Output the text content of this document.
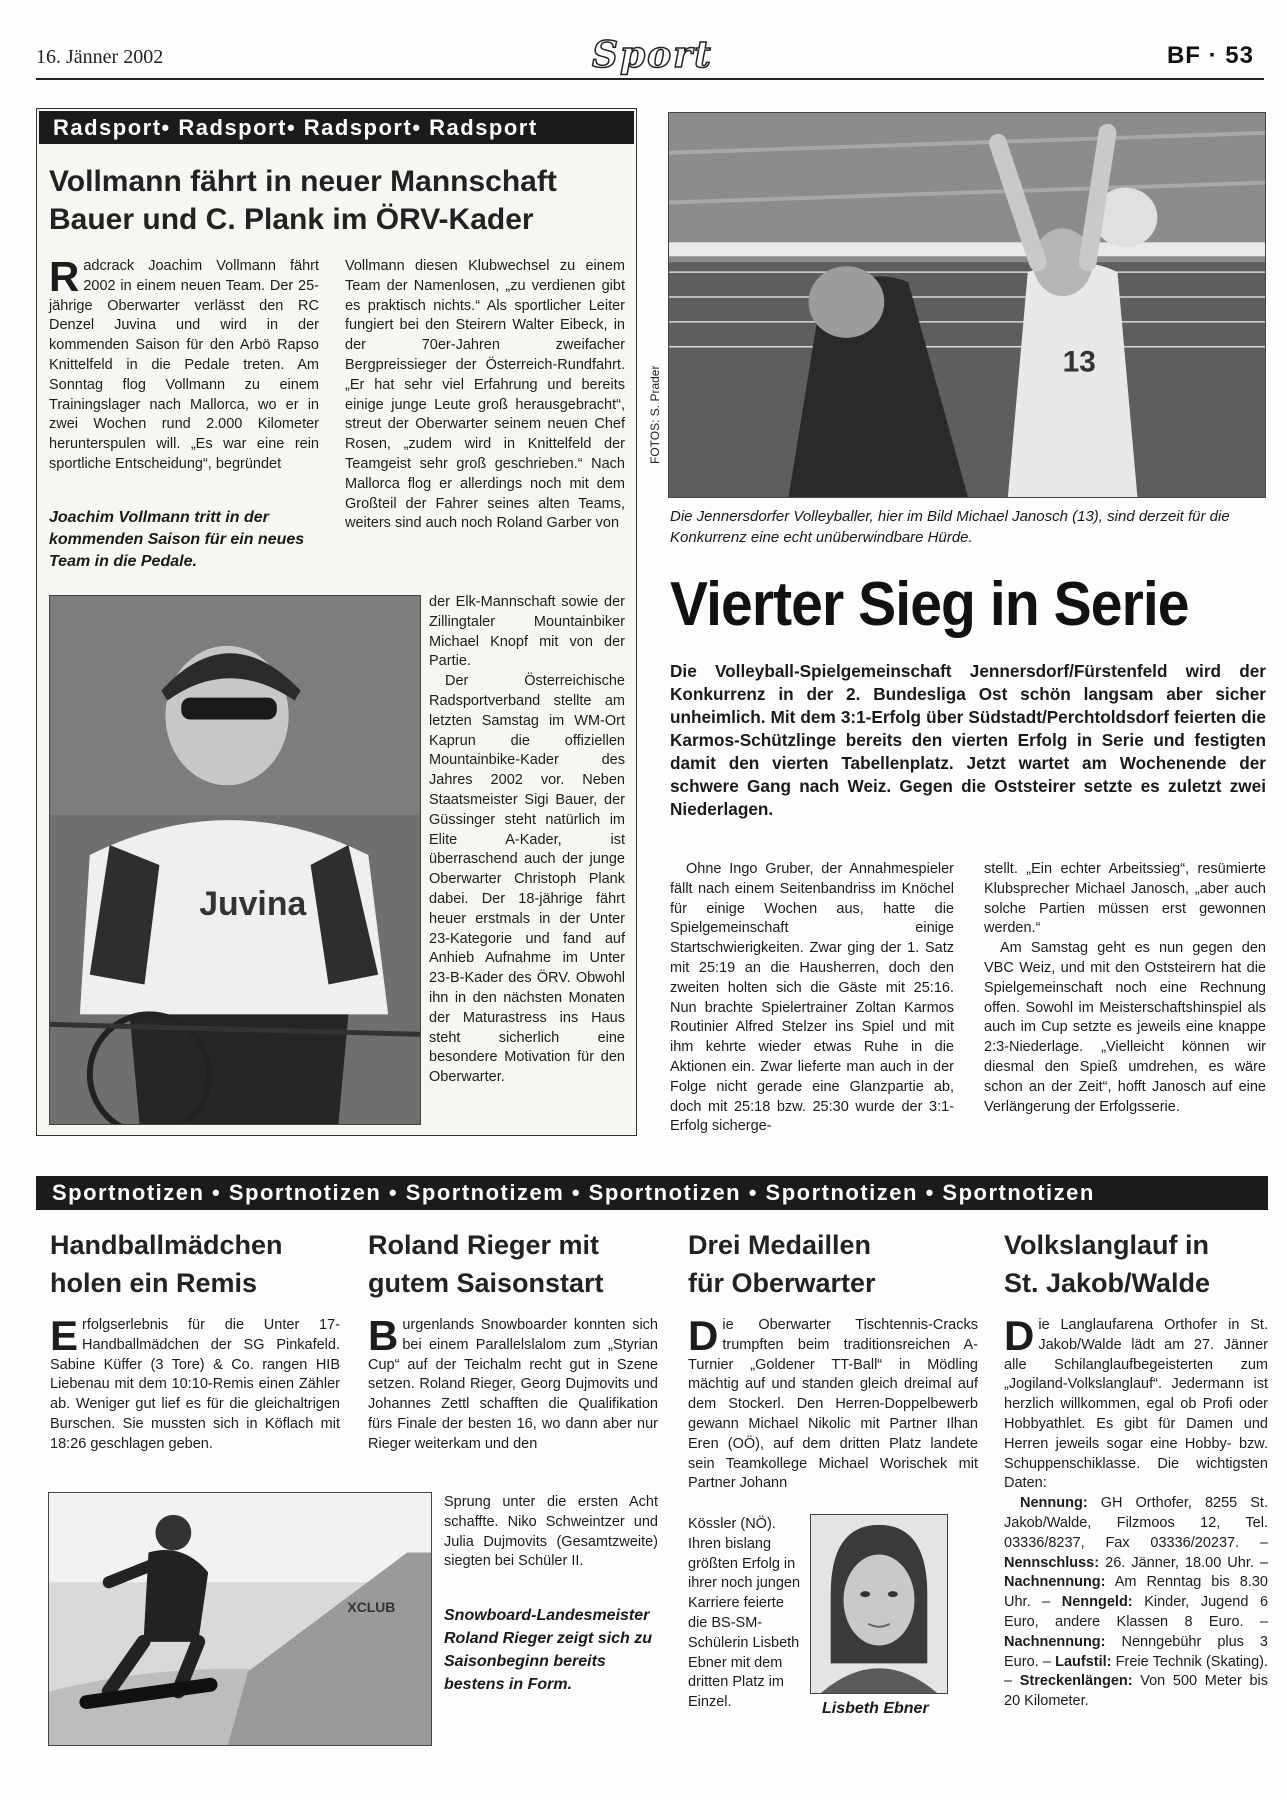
16. Jänner 2002	Sport	BF · 53
Radsport• Radsport• Radsport• Radsport
Vollmann fährt in neuer Mannschaft
Bauer und C. Plank im ÖRV-Kader
Radcrack Joachim Vollmann fährt 2002 in einem neuen Team. Der 25-jährige Oberwarter verlässt den RC Denzel Juvina und wird in der kommenden Saison für den Arbö Rapso Knittelfeld in die Pedale treten. Am Sonntag flog Vollmann zu einem Trainingslager nach Mallorca, wo er in zwei Wochen rund 2.000 Kilometer herunterspulen will. „Es war eine rein sportliche Entscheidung“, begründet
Joachim Vollmann tritt in der kommenden Saison für ein neues Team in die Pedale.
Vollmann diesen Klubwechsel zu einem Team der Namenlosen, „zu verdienen gibt es praktisch nichts.“ Als sportlicher Leiter fungiert bei den Steirern Walter Eibeck, in der 70er-Jahren zweifacher Bergpreissieger der Österreich-Rundfahrt. „Er hat sehr viel Erfahrung und bereits einige junge Leute groß herausgebracht“, streut der Oberwarter seinem neuen Chef Rosen, „zudem wird in Knittelfeld der Teamgeist sehr groß geschrieben.“ Nach Mallorca flog er allerdings noch mit dem Großteil der Fahrer seines alten Teams, weiters sind auch noch Roland Garber von
Juvina

der Elk-Mannschaft sowie der Zillingtaler Mountainbiker Michael Knopf mit von der Partie.

Der Österreichische Radsportverband stellte am letzten Samstag im WM-Ort Kaprun die offiziellen Mountainbike-Kader des Jahres 2002 vor. Neben Staatsmeister Sigi Bauer, der Güssinger steht natürlich im Elite A-Kader, ist überraschend auch der junge Oberwarter Christoph Plank dabei. Der 18-jährige fährt heuer erstmals in der Unter 23-Kategorie und fand auf Anhieb Aufnahme im Unter 23-B-Kader des ÖRV. Obwohl ihn in den nächsten Monaten der Maturastress ins Haus steht sicherlich eine besondere Motivation für den Oberwarter.

13
FOTOS: S. Prader
Die Jennersdorfer Volleyballer, hier im Bild Michael Janosch (13), sind derzeit für die Konkurrenz eine echt unüberwindbare Hürde.
Vierter Sieg in Serie
Die Volleyball-Spielgemeinschaft Jennersdorf/Fürstenfeld wird der Konkurrenz in der 2. Bundesliga Ost schön langsam aber sicher unheimlich. Mit dem 3:1-Erfolg über Südstadt/Perchtoldsdorf feierten die Karmos-Schützlinge bereits den vierten Erfolg in Serie und festigten damit den vierten Tabellenplatz. Jetzt wartet am Wochenende der schwere Gang nach Weiz. Gegen die Oststeirer setzte es zuletzt zwei Niederlagen.
Ohne Ingo Gruber, der Annahmespieler fällt nach einem Seitenbandriss im Knöchel für einige Wochen aus, hatte die Spielgemeinschaft einige Startschwierigkeiten. Zwar ging der 1. Satz mit 25:19 an die Hausherren, doch den zweiten holten sich die Gäste mit 25:16. Nun brachte Spielertrainer Zoltan Karmos Routinier Alfred Stelzer ins Spiel und mit ihm kehrte wieder etwas Ruhe in die Aktionen ein. Zwar lieferte man auch in der Folge nicht gerade eine Glanzpartie ab, doch mit 25:18 bzw. 25:30 wurde der 3:1-Erfolg sicherge-

stellt. „Ein echter Arbeitssieg“, resümierte Klubsprecher Michael Janosch, „aber auch solche Partien müssen erst gewonnen werden.“

Am Samstag geht es nun gegen den VBC Weiz, und mit den Oststeirern hat die Spielgemeinschaft noch eine Rechnung offen. Sowohl im Meisterschaftshinspiel als auch im Cup setzte es jeweils eine knappe 2:3-Niederlage. „Vielleicht können wir diesmal den Spieß umdrehen, es wäre schon an der Zeit“, hofft Janosch auf eine Verlängerung der Erfolgsserie.

Sportnotizen • Sportnotizen • Sportnotizem • Sportnotizen • Sportnotizen • Sportnotizen
Handballmädchen
holen ein Remis
Erfolgserlebnis für die Unter 17-Handballmädchen der SG Pinkafeld. Sabine Küffer (3 Tore) & Co. rangen HIB Liebenau mit dem 10:10-Remis einen Zähler ab. Weniger gut lief es für die gleichaltrigen Burschen. Sie mussten sich in Köflach mit 18:26 geschlagen geben.
Roland Rieger mit
gutem Saisonstart
Burgenlands Snowboarder konnten sich bei einem Parallelslalom zum „Styrian Cup“ auf der Teichalm recht gut in Szene setzen. Roland Rieger, Georg Dujmovits und Johannes Zettl schafften die Qualifikation fürs Finale der besten 16, wo dann aber nur Rieger weiterkam und den
XCLUB
Sprung unter die ersten Acht schaffte. Niko Schweintzer und Julia Dujmovits (Gesamtzweite) siegten bei Schüler II.
Snowboard-Landesmeister Roland Rieger zeigt sich zu Saisonbeginn bereits bestens in Form.
Drei Medaillen
für Oberwarter
Die Oberwarter Tischtennis-Cracks trumpften beim traditionsreichen A-Turnier „Goldener TT-Ball“ in Mödling mächtig auf und standen gleich dreimal auf dem Stockerl. Den Herren-Doppelbewerb gewann Michael Nikolic mit Partner Ilhan Eren (OÖ), auf dem dritten Platz landete sein Teamkollege Michael Worischek mit Partner Johann
Kössler (NÖ). Ihren bislang größten Erfolg in ihrer noch jungen Karriere feierte die BS-SM-Schülerin Lisbeth Ebner mit dem dritten Platz im Einzel.	Lisbeth Ebner
Volkslanglauf in
St. Jakob/Walde

Die Langlaufarena Orthofer in St. Jakob/Walde lädt am 27. Jänner alle Schilanglaufbegeisterten zum „Jogiland-Volkslanglauf“. Jedermann ist herzlich willkommen, egal ob Profi oder Hobbyathlet. Es gibt für Damen und Herren jeweils sogar eine Hobby- bzw. Schuppenschiklasse. Die wichtigsten Daten:

Nennung: GH Orthofer, 8255 St. Jakob/Walde, Filzmoos 12, Tel. 03336/8237, Fax 03336/20237. – Nennschluss: 26. Jänner, 18.00 Uhr. – Nachnennung: Am Renntag bis 8.30 Uhr. – Nenngeld: Kinder, Jugend 6 Euro, andere Klassen 8 Euro. – Nachnennung: Nenngebühr plus 3 Euro. – Laufstil: Freie Technik (Skating). – Streckenlängen: Von 500 Meter bis 20 Kilometer.
